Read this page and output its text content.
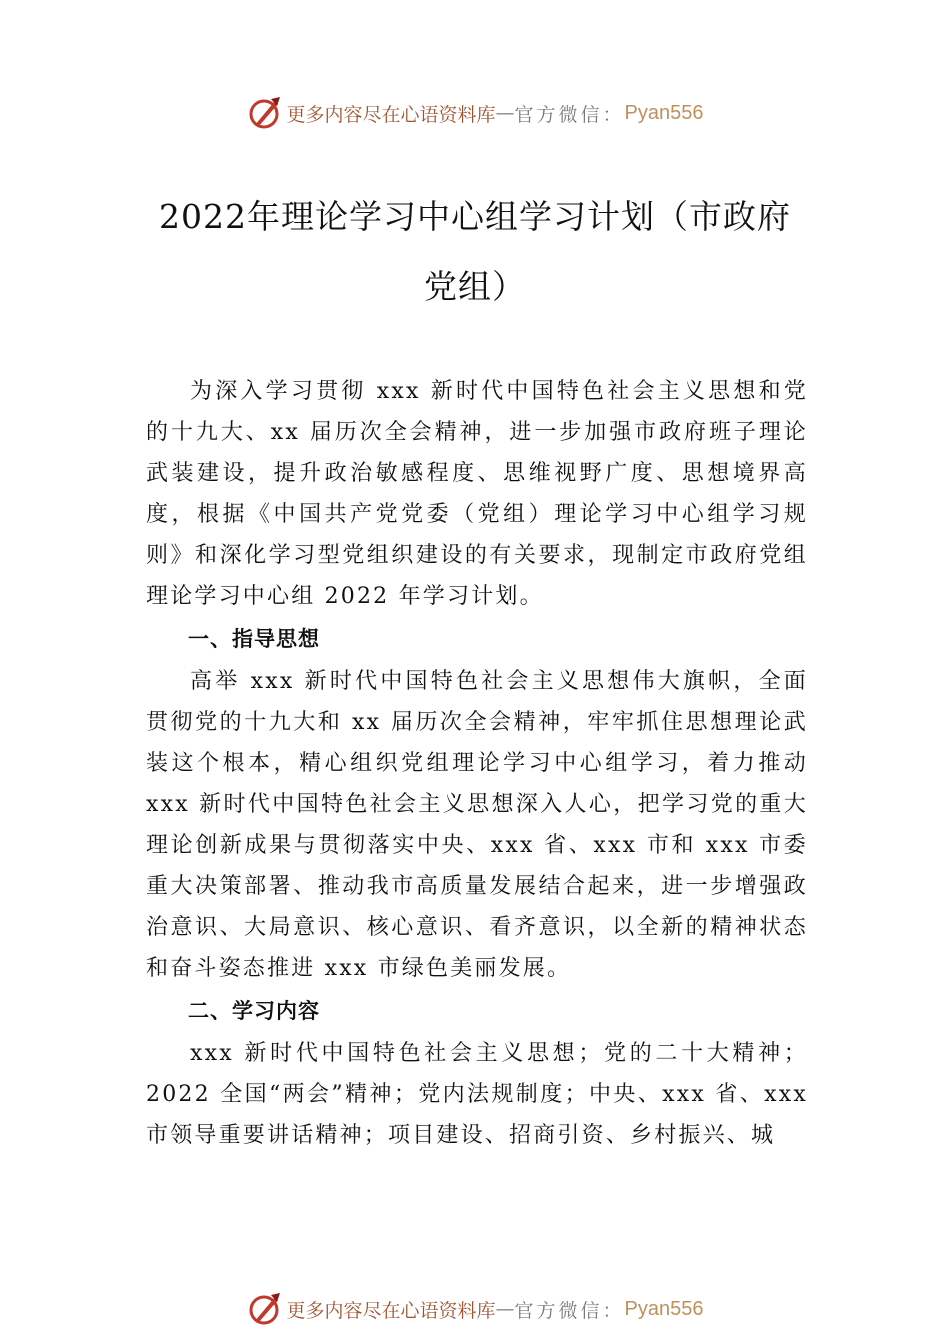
更多内容尽在心语资料库 — 官方微信： Pyan556
2022年理论学习中心组学习计划（市政府
党组）

为深入学习贯彻 xxx 新时代中国特色社会主义思想和党的十九大、xx 届历次全会精神，进一步加强市政府班子理论武装建设，提升政治敏感程度、思维视野广度、思想境界高度，根据《中国共产党党委（党组）理论学习中心组学习规则》和深化学习型党组织建设的有关要求，现制定市政府党组理论学习中心组 2022 年学习计划。

一、指导思想

高举 xxx 新时代中国特色社会主义思想伟大旗帜，全面贯彻党的十九大和 xx 届历次全会精神，牢牢抓住思想理论武装这个根本，精心组织党组理论学习中心组学习，着力推动 xxx 新时代中国特色社会主义思想深入人心，把学习党的重大理论创新成果与贯彻落实中央、xxx 省、xxx 市和 xxx 市委重大决策部署、推动我市高质量发展结合起来，进一步增强政治意识、大局意识、核心意识、看齐意识，以全新的精神状态和奋斗姿态推进 xxx 市绿色美丽发展。

二、学习内容

xxx 新时代中国特色社会主义思想；党的二十大精神；2022 全国“两会”精神；党内法规制度；中央、xxx 省、xxx 市领导重要讲话精神；项目建设、招商引资、乡村振兴、城

更多内容尽在心语资料库 — 官方微信： Pyan556
